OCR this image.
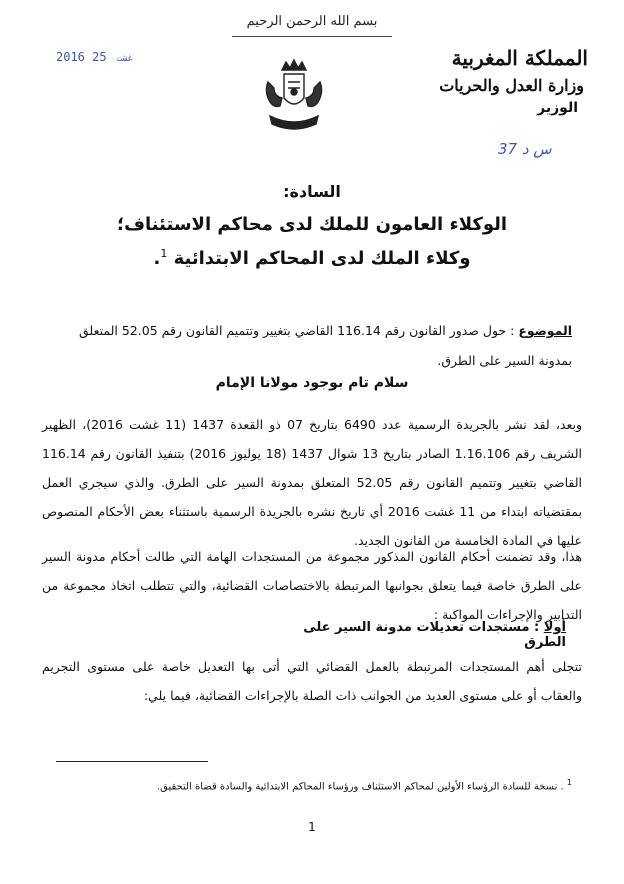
بسم الله الرحمن الرحيم
2016	غشت 25	المملكة المغربية
وزارة العدل والحريات
الوزير
س د 37
السادة:
الوكلاء العامون للملك لدى محاكم الاستئناف؛
وكلاء الملك لدى المحاكم الابتدائية $^1$.
الموضوع : حول صدور القانون رقم 116.14 القاضي بتغيير وتتميم القانون رقم 52.05 المتعلق بمدونة السير على الطرق.
سلام تام بوجود مولانا الإمام
وبعد، لقد نشر بالجريدة الرسمية عدد 6490 بتاريخ 07 ذو القعدة 1437 (11 غشت 2016)، الظهير الشريف رقم 1.16.106 الصادر بتاريخ 13 شوال 1437 (18 يوليوز 2016) بتنفيذ القانون رقم 116.14 القاضي بتغيير وتتميم القانون رقم 52.05 المتعلق بمدونة السير على الطرق. والذي سيجري العمل بمقتضياته ابتداء من 11 غشت 2016 أي تاريخ نشره بالجريدة الرسمية باستثناء بعض الأحكام المنصوص عليها في المادة الخامسة من القانون الجديد.
هذا، وقد تضمنت أحكام القانون المذكور مجموعة من المستجدات الهامة التي طالت أحكام مدونة السير على الطرق خاصة فيما يتعلق بجوانبها المرتبطة بالاختصاصات القضائية، والتي تتطلب اتخاذ مجموعة من التدابير والإجراءات المواكبة :
أولا : مستجدات تعديلات مدونة السير على الطرق
تتجلى أهم المستجدات المرتبطة بالعمل القضائي التي أتى بها التعديل خاصة على مستوى التجريم والعقاب أو على مستوى العديد من الجوانب ذات الصلة بالإجراءات القضائية، فيما يلي:
$^1$ . نسخة للسادة الرؤساء الأولين لمحاكم الاستئناف ورؤساء المحاكم الابتدائية والسادة قضاة التحقيق.
1
